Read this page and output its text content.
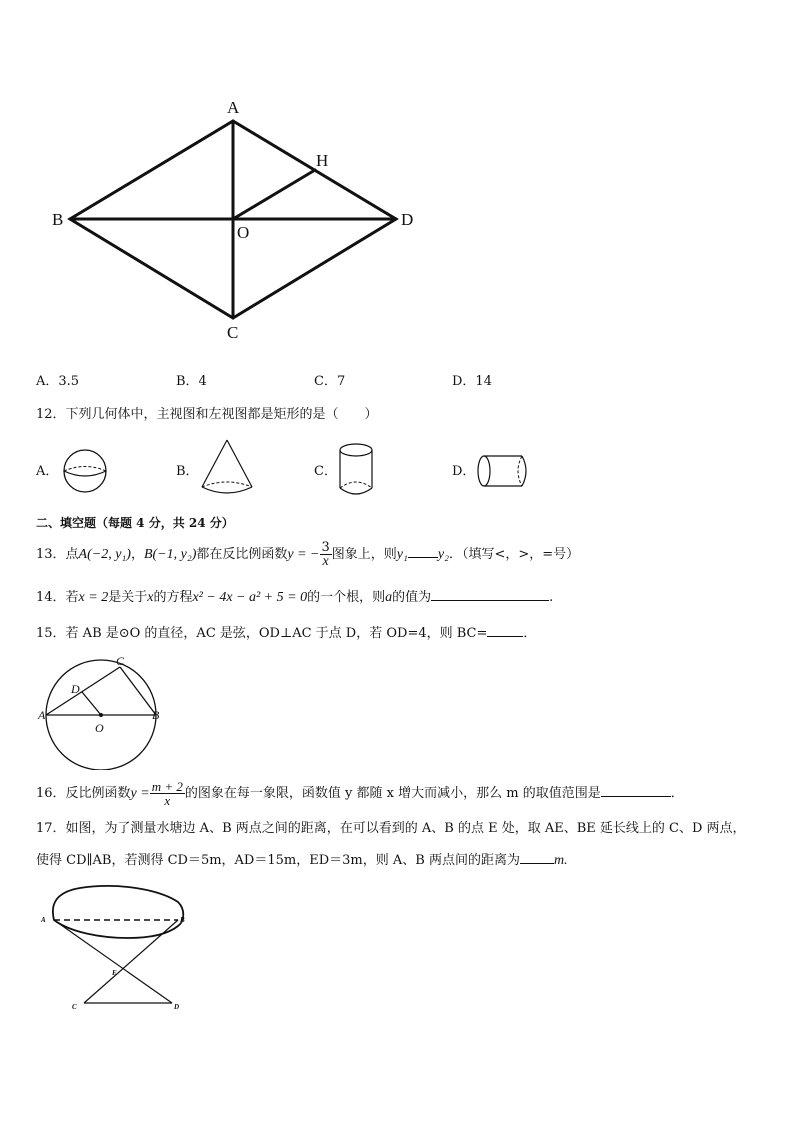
A
H
B
O
D
C
A．3.5	B．4	C．7	D．14
12．下列几何体中，主视图和左视图都是矩形的是（　　）
A．	B．	C．	D．
二、填空题（每题 4 分，共 24 分）
13．点A(−2, y₁)，B(−1, y₂)都在反比例函数y = − $\frac{3}{x}$ 图象上，则y₁ y₂．（填写<，>，=号）
14．若x = 2是关于x的方程x² − 4x − a² + 5 = 0的一个根，则a的值为	.
15．若 AB 是⊙O 的直径，AC 是弦，OD⊥AC 于点 D，若 OD=4，则 BC=	．
C
D
A	B
O
16．反比例函数$y = \frac{m + 2}{x}$ 的图象在每一象限，函数值 y 都随 x 增大而减小，那么 m 的取值范围是	．
17．如图，为了测量水塘边 A、B 两点之间的距离，在可以看到的 A、B 的点 E 处，取 AE、BE 延长线上的 C、D 两点，
使得 CD∥AB，若测得 CD＝5m，AD＝15m，ED＝3m，则 A、B 两点间的距离为 m.
A	B
E
C	D
